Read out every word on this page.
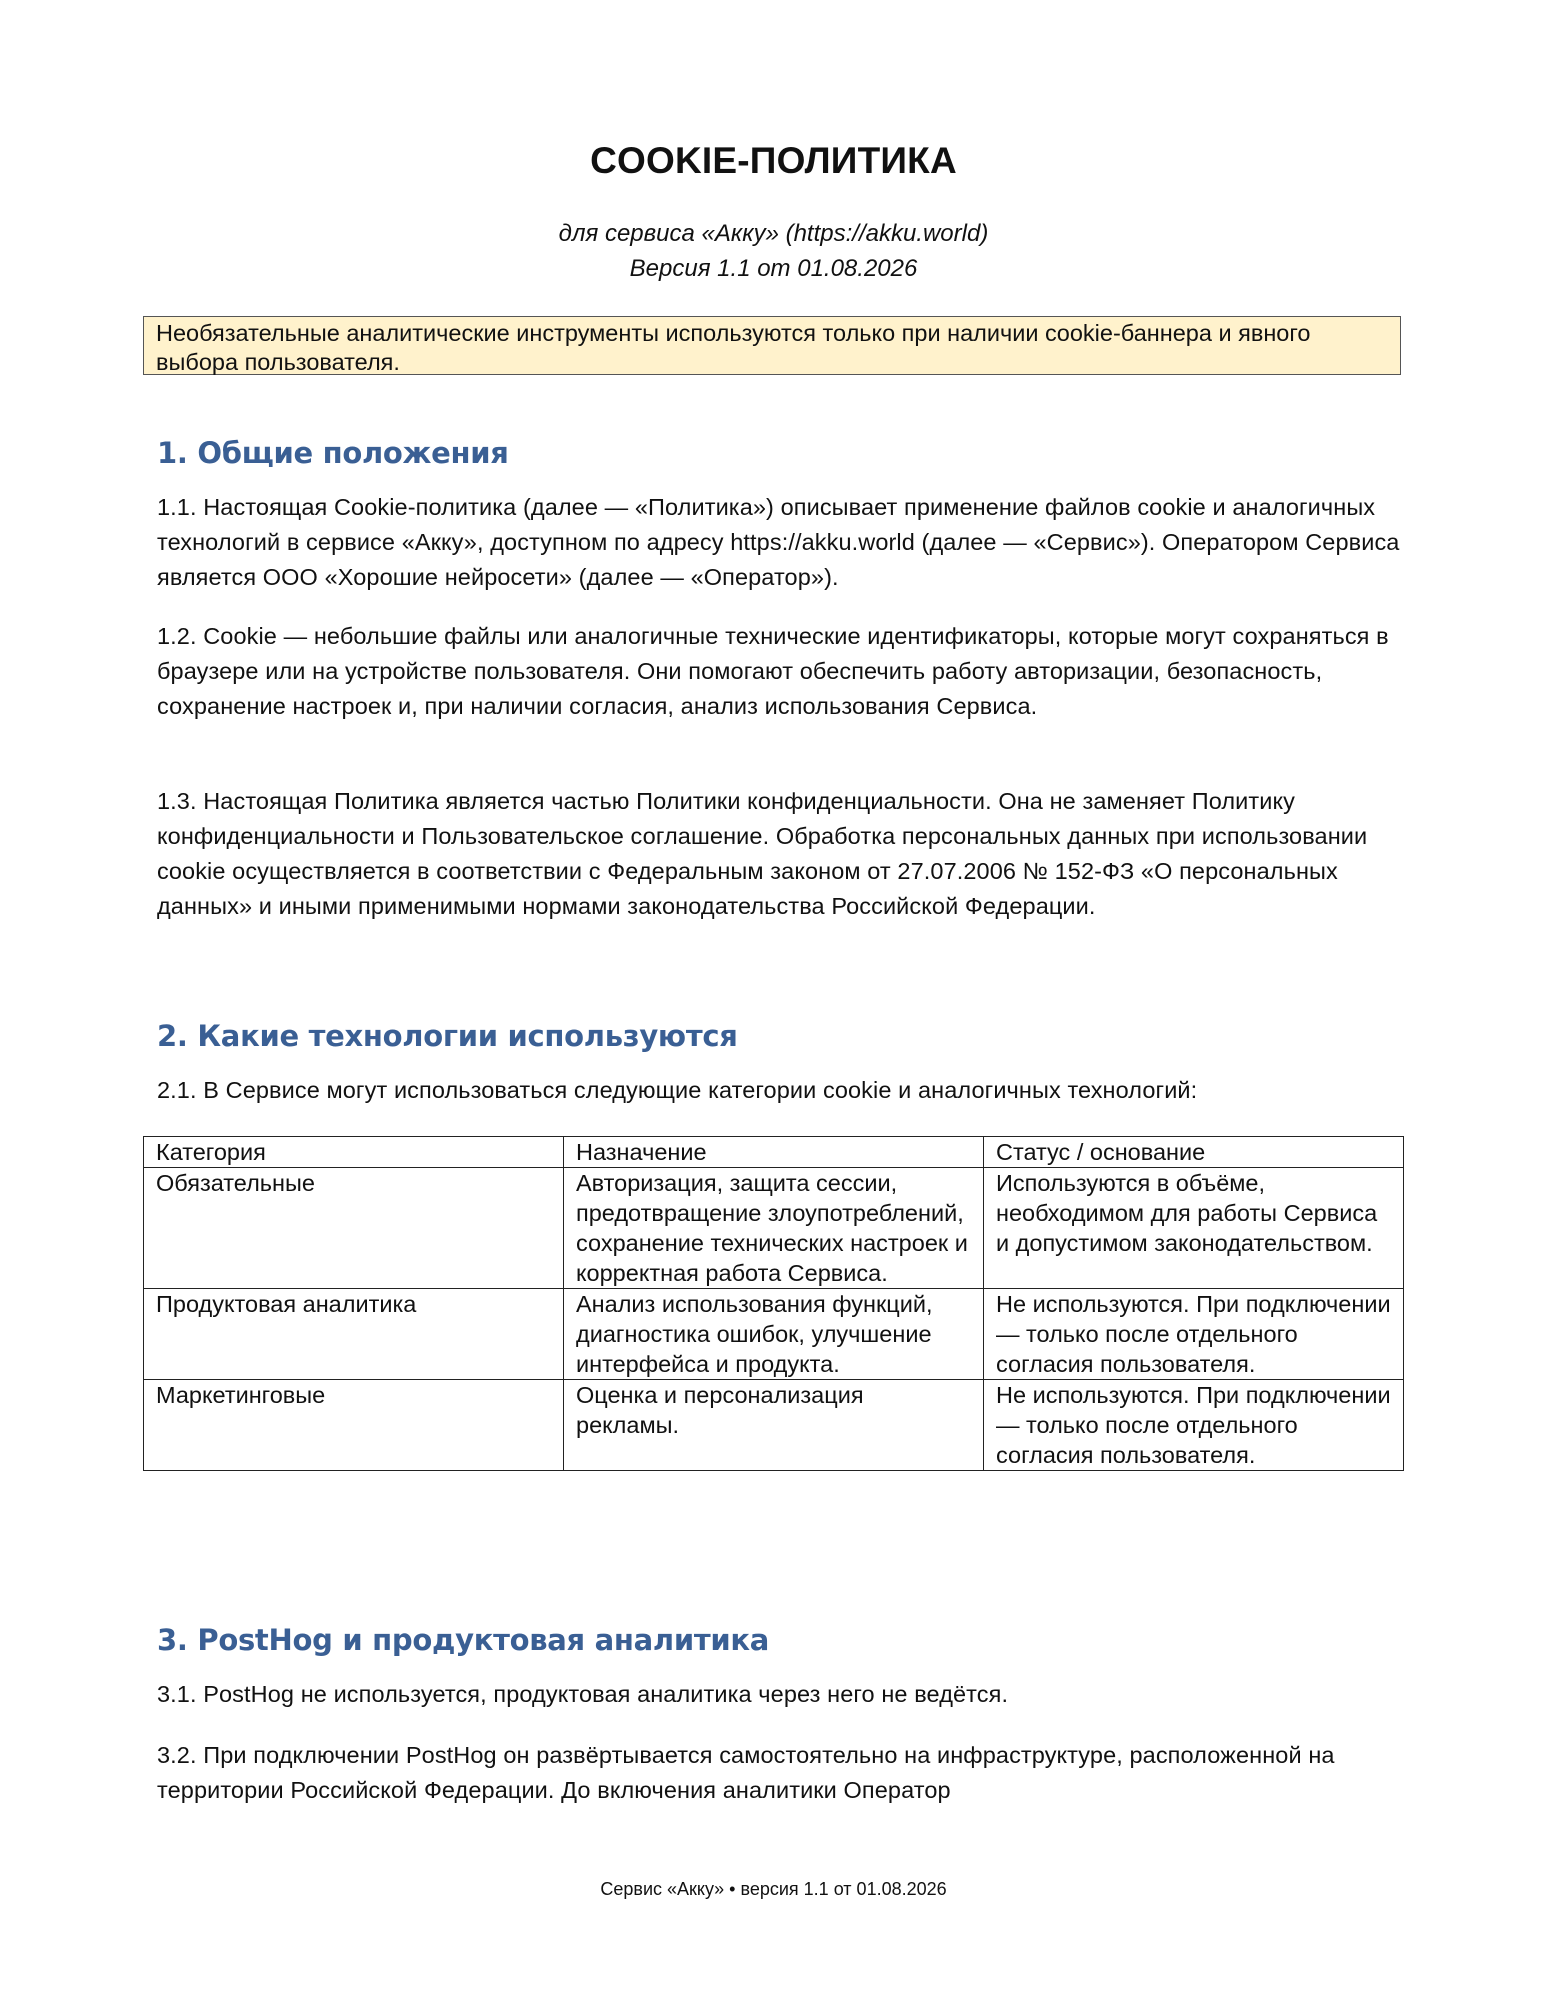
COOKIE-ПОЛИТИКА
для сервиса «Акку» (https://akku.world)
Версия 1.1 от 01.08.2026
Необязательные аналитические инструменты используются только при наличии cookie-баннера и явного выбора пользователя.
1. Общие положения

1.1. Настоящая Cookie-политика (далее — «Политика») описывает применение файлов cookie и аналогичных технологий в сервисе «Акку», доступном по адресу https://akku.world (далее — «Сервис»). Оператором Сервиса является ООО «Хорошие нейросети» (далее — «Оператор»).

1.2. Cookie — небольшие файлы или аналогичные технические идентификаторы, которые могут сохраняться в браузере или на устройстве пользователя. Они помогают обеспечить работу авторизации, безопасность, сохранение настроек и, при наличии согласия, анализ использования Сервиса.

1.3. Настоящая Политика является частью Политики конфиденциальности. Она не заменяет Политику конфиденциальности и Пользовательское соглашение. Обработка персональных данных при использовании cookie осуществляется в соответствии с Федеральным законом от 27.07.2006 № 152-ФЗ «О персональных данных» и иными применимыми нормами законодательства Российской Федерации.

2. Какие технологии используются

2.1. В Сервисе могут использоваться следующие категории cookie и аналогичных технологий:

Категория	Назначение	Статус / основание
Обязательные	Авторизация, защита сессии, предотвращение злоупотреблений, сохранение технических настроек и корректная работа Сервиса.	Используются в объёме, необходимом для работы Сервиса и допустимом законодательством.
Продуктовая аналитика	Анализ использования функций, диагностика ошибок, улучшение интерфейса и продукта.	Не используются. При подключении — только после отдельного согласия пользователя.
Маркетинговые	Оценка и персонализация рекламы.	Не используются. При подключении — только после отдельного согласия пользователя.
3. PostHog и продуктовая аналитика

3.1. PostHog не используется, продуктовая аналитика через него не ведётся.

3.2. При подключении PostHog он развёртывается самостоятельно на инфраструктуре, расположенной на территории Российской Федерации. До включения аналитики Оператор

Сервис «Акку» • версия 1.1 от 01.08.2026
